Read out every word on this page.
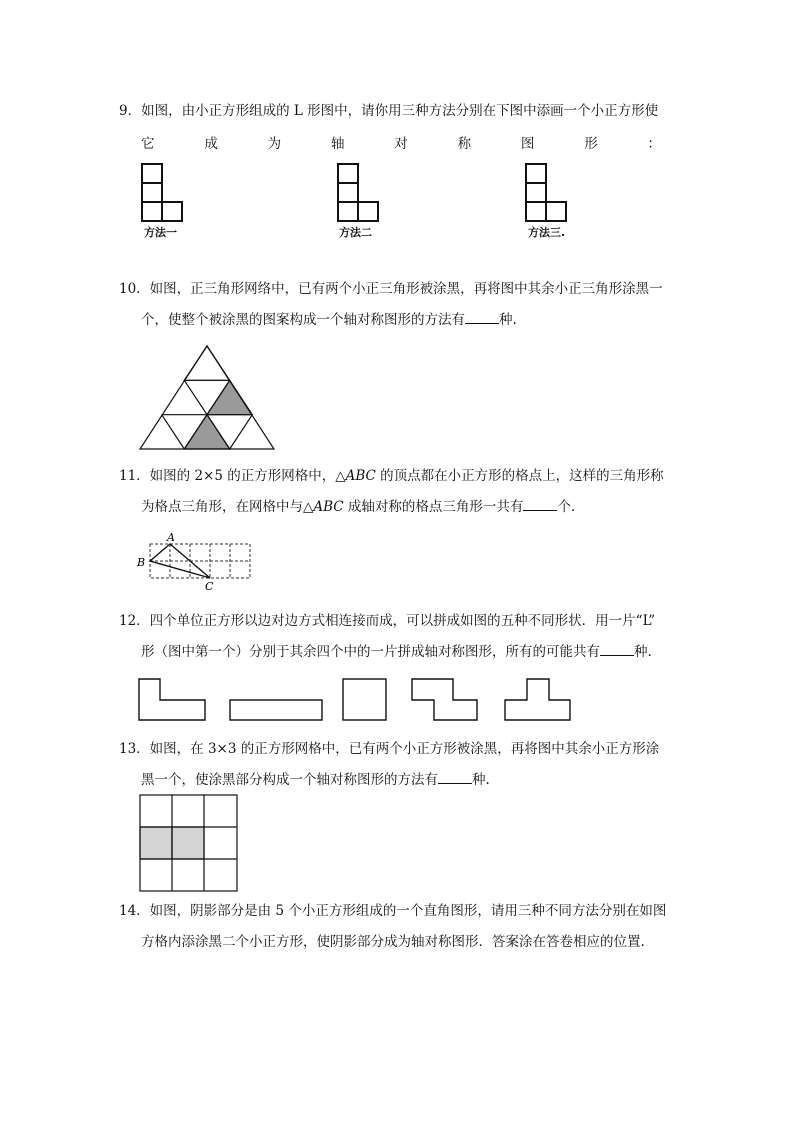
9．如图，由小正方形组成的 L 形图中，请你用三种方法分别在下图中添画一个小正方形使
它	成	为	轴	对	称	图	形	：
方法一	方法二	方法三.
10．如图，正三角形网络中，已有两个小正三角形被涂黑，再将图中其余小正三角形涂黑一
个，使整个被涂黑的图案构成一个轴对称图形的方法有	种.
11．如图的 2×5 的正方形网格中，△ABC 的顶点都在小正方形的格点上，这样的三角形称
为格点三角形，在网格中与△ABC 成轴对称的格点三角形一共有	个.
A
B
C
12．四个单位正方形以边对边方式相连接而成，可以拼成如图的五种不同形状．用一片“L”
形（图中第一个）分别于其余四个中的一片拼成轴对称图形，所有的可能共有	种.
13．如图，在 3×3 的正方形网格中，已有两个小正方形被涂黑，再将图中其余小正方形涂
黑一个，使涂黑部分构成一个轴对称图形的方法有	种.
14．如图，阴影部分是由 5 个小正方形组成的一个直角图形，请用三种不同方法分别在如图
方格内添涂黑二个小正方形，使阴影部分成为轴对称图形．答案涂在答卷相应的位置.
